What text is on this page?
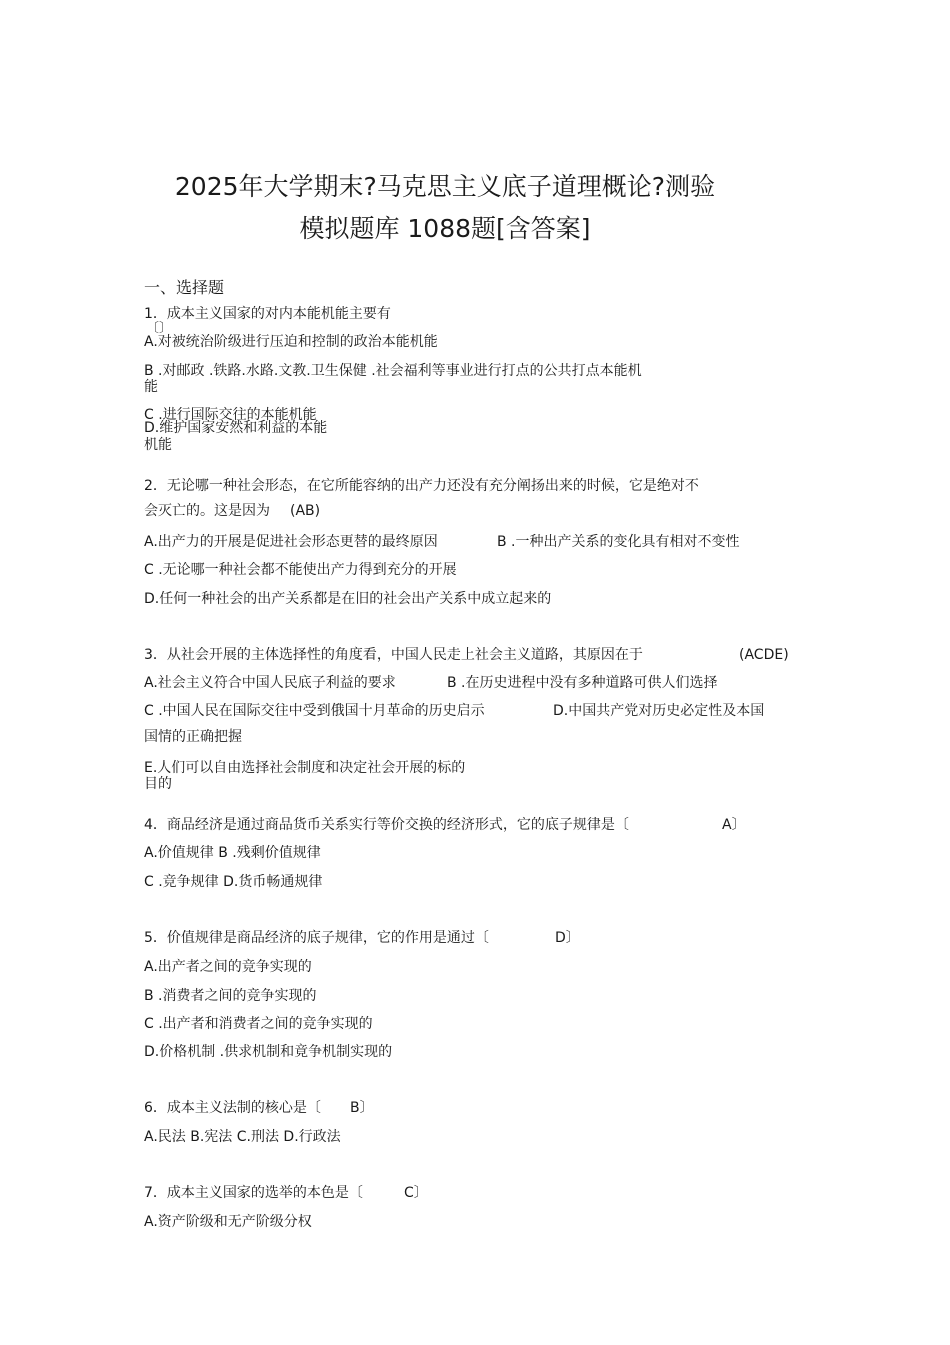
2025年大学期末?马克思主义底子道理概论?测验
模拟题库 1088题[含答案]
一、选择题
1．成本主义国家的对内本能机能主要有
〔〕
A.对被统治阶级进行压迫和控制的政治本能机能
B .对邮政 .铁路.水路.文教.卫生保健 .社会福利等事业进行打点的公共打点本能机
能
C .进行国际交往的本能机能
D.维护国家安然和利益的本能
机能
2．无论哪一种社会形态，在它所能容纳的出产力还没有充分阐扬出来的时候，它是绝对不
会灭亡的。这是因为 (AB)
A.出产力的开展是促进社会形态更替的最终原因	B .一种出产关系的变化具有相对不变性
C .无论哪一种社会都不能使出产力得到充分的开展
D.任何一种社会的出产关系都是在旧的社会出产关系中成立起来的
3．从社会开展的主体选择性的角度看，中国人民走上社会主义道路，其原因在于	(ACDE)
A.社会主义符合中国人民底子利益的要求	B .在历史进程中没有多种道路可供人们选择
C .中国人民在国际交往中受到俄国十月革命的历史启示	D.中国共产党对历史必定性及本国
国情的正确把握
E.人们可以自由选择社会制度和决定社会开展的标的
目的
4．商品经济是通过商品货币关系实行等价交换的经济形式，它的底子规律是〔	A〕
A.价值规律 B .残剩价值规律
C .竞争规律 D.货币畅通规律
5．价值规律是商品经济的底子规律，它的作用是通过〔	D〕
A.出产者之间的竞争实现的
B .消费者之间的竞争实现的
C .出产者和消费者之间的竞争实现的
D.价格机制 .供求机制和竟争机制实现的
6．成本主义法制的核心是〔 B〕
A.民法 B.宪法 C.刑法 D.行政法
7．成本主义国家的选举的本色是〔	C〕
A.资产阶级和无产阶级分权
